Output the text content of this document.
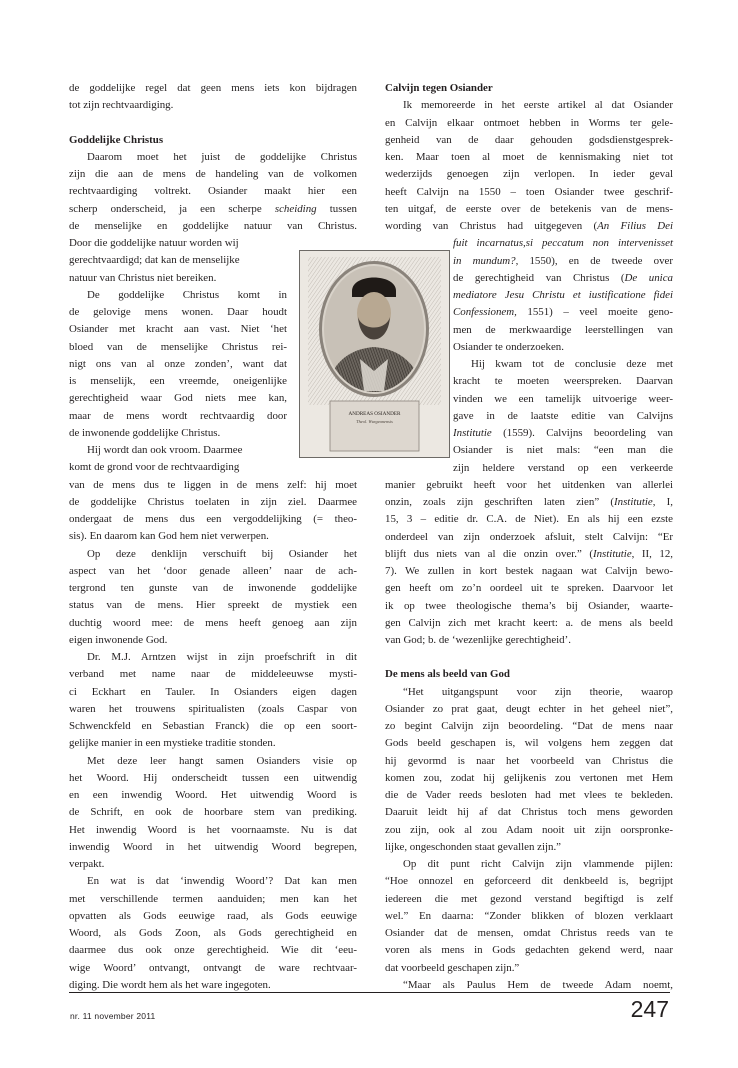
de goddelijke regel dat geen mens iets kon bijdragen
tot zijn rechtvaardiging.

Goddelijke Christus

Daarom moet het juist de goddelijke Christus
zijn die aan de mens de handeling van de volkomen
rechtvaardiging voltrekt. Osiander maakt hier een
scherp onderscheid, ja een scherpe scheiding tussen
de menselijke en goddelijke natuur van Christus.
Door die goddelijke natuur worden wij
gerechtvaardigd; dat kan de menselijke
natuur van Christus niet bereiken.

De goddelijke Christus komt in
de gelovige mens wonen. Daar houdt
Osiander met kracht aan vast. Niet ‘het
bloed van de menselijke Christus rei-
nigt ons van al onze zonden’, want dat
is menselijk, een vreemde, oneigenlijke
gerechtigheid waar God niets mee kan,
maar de mens wordt rechtvaardig door
de inwonende goddelijke Christus.

Hij wordt dan ook vroom. Daarmee
komt de grond voor de rechtvaardiging
van de mens dus te liggen in de mens zelf: hij moet
de goddelijke Christus toelaten in zijn ziel. Daarmee
ondergaat de mens dus een vergoddelijking (= theo-
sis). En daarom kan God hem niet verwerpen.

Op deze denklijn verschuift bij Osiander het
aspect van het ‘door genade alleen’ naar de ach-
tergrond ten gunste van de inwonende goddelijke
status van de mens. Hier spreekt de mystiek een
duchtig woord mee: de mens heeft genoeg aan zijn
eigen inwonende God.

Dr. M.J. Arntzen wijst in zijn proefschrift in dit
verband met name naar de middeleeuwse mysti-
ci Eckhart en Tauler. In Osianders eigen dagen
waren het trouwens spiritualisten (zoals Caspar von
Schwenckfeld en Sebastian Franck) die op een soort-
gelijke manier in een mystieke traditie stonden.

Met deze leer hangt samen Osianders visie op
het Woord. Hij onderscheidt tussen een uitwendig
en een inwendig Woord. Het uitwendig Woord is
de Schrift, en ook de hoorbare stem van prediking.
Het inwendig Woord is het voornaamste. Nu is dat
inwendig Woord in het uitwendig Woord begrepen,
verpakt.

En wat is dat ‘inwendig Woord’? Dat kan men
met verschillende termen aanduiden; men kan het
opvatten als Gods eeuwige raad, als Gods eeuwige
Woord, als Gods Zoon, als Gods gerechtigheid en
daarmee dus ook onze gerechtigheid. Wie dit ‘eeu-
wige Woord’ ontvangt, ontvangt de ware rechtvaar-
diging. Die wordt hem als het ware ingegoten.

Calvijn tegen Osiander

Ik memoreerde in het eerste artikel al dat Osiander
en Calvijn elkaar ontmoet hebben in Worms ter gele-
genheid van de daar gehouden godsdienstgesprek-
ken. Maar toen al moet de kennismaking niet tot
wederzijds genoegen zijn verlopen. In ieder geval
heeft Calvijn na 1550 – toen Osiander twee geschrif-
ten uitgaf, de eerste over de betekenis van de mens-
wording van Christus had uitgegeven (An Filius Dei
fuit incarnatus,si peccatum non intervenisset
in mundum?, 1550), en de tweede over
de gerechtigheid van Christus (De unica
mediatore Jesu Christu et iustificatione fidei
Confessionem, 1551) – veel moeite geno-
men de merkwaardige leerstellingen van
Osiander te onderzoeken.

Hij kwam tot de conclusie deze met
kracht te moeten weerspreken. Daarvan
vinden we een tamelijk uitvoerige weer-
gave in de laatste editie van Calvijns
Institutie (1559). Calvijns beoordeling van
Osiander is niet mals: “een man die
zijn heldere verstand op een verkeerde
manier gebruikt heeft voor het uitdenken van allerlei
onzin, zoals zijn geschriften laten zien” (Institutie, I,
15, 3 – editie dr. C.A. de Niet). En als hij een ezste
onderdeel van zijn onderzoek afsluit, stelt Calvijn: “Er
blijft dus niets van al die onzin over.” (Institutie, II, 12,
7). We zullen in kort bestek nagaan wat Calvijn bewo-
gen heeft om zo’n oordeel uit te spreken. Daarvoor let
ik op twee theologische thema’s bij Osiander, waarte-
gen Calvijn zich met kracht keert: a. de mens als beeld
van God; b. de ‘wezenlijke gerechtigheid’.

De mens als beeld van God

“Het uitgangspunt voor zijn theorie, waarop
Osiander zo prat gaat, deugt echter in het geheel niet”,
zo begint Calvijn zijn beoordeling. “Dat de mens naar
Gods beeld geschapen is, wil volgens hem zeggen dat
hij gevormd is naar het voorbeeld van Christus die
komen zou, zodat hij gelijkenis zou vertonen met Hem
die de Vader reeds besloten had met vlees te bekleden.
Daaruit leidt hij af dat Christus toch mens geworden
zou zijn, ook al zou Adam nooit uit zijn oorspronke-
lijke, ongeschonden staat gevallen zijn.”

Op dit punt richt Calvijn zijn vlammende pijlen:
“Hoe onnozel en geforceerd dit denkbeeld is, begrijpt
iedereen die met gezond verstand begiftigd is zelf
wel.” En daarna: “Zonder blikken of blozen verklaart
Osiander dat de mensen, omdat Christus reeds van te
voren als mens in Gods gedachten gekend werd, naar
dat voorbeeld geschapen zijn.”

“Maar als Paulus Hem de tweede Adam noemt,

ANDREAS OSIANDER
Theol. Wurgeanensis
nr. 11 november 2011	247
